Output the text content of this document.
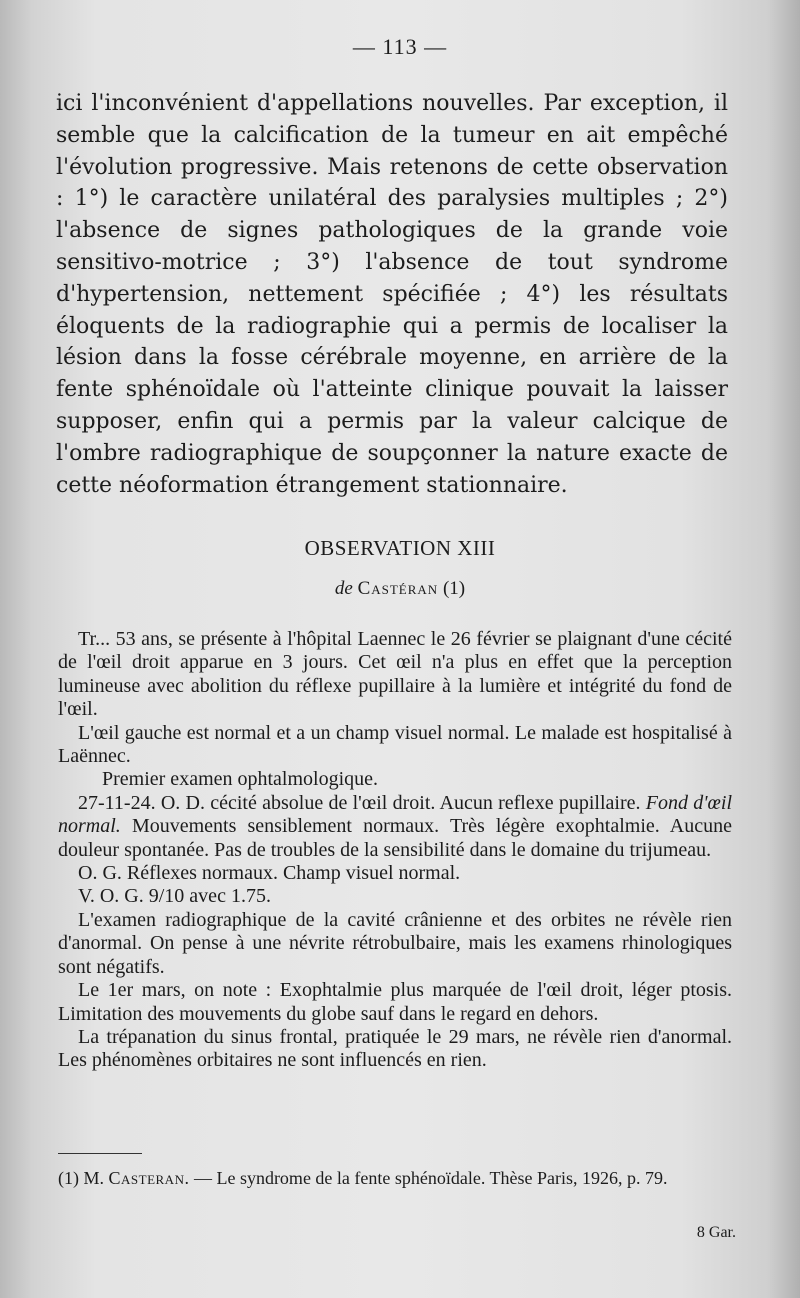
— 113 —

ici l'inconvénient d'appellations nouvelles. Par exception, il semble que la calcification de la tumeur en ait empêché l'évolution progressive. Mais retenons de cette observation : 1°) le caractère unilatéral des paralysies multiples ; 2°) l'absence de signes pathologiques de la grande voie sensitivo-motrice ; 3°) l'absence de tout syndrome d'hypertension, nettement spécifiée ; 4°) les résultats éloquents de la radiographie qui a permis de localiser la lésion dans la fosse cérébrale moyenne, en arrière de la fente sphénoïdale où l'atteinte clinique pouvait la laisser supposer, enfin qui a permis par la valeur calcique de l'ombre radiographique de soupçonner la nature exacte de cette néoformation étrangement stationnaire.

OBSERVATION XIII
de Castéran (1)

Tr... 53 ans, se présente à l'hôpital Laennec le 26 février se plaignant d'une cécité de l'œil droit apparue en 3 jours. Cet œil n'a plus en effet que la perception lumineuse avec abolition du réflexe pupillaire à la lumière et intégrité du fond de l'œil.

L'œil gauche est normal et a un champ visuel normal. Le malade est hospitalisé à Laënnec.

Premier examen ophtalmologique.

27-11-24. O. D. cécité absolue de l'œil droit. Aucun reflexe pupillaire. Fond d'œil normal. Mouvements sensiblement normaux. Très légère exophtalmie. Aucune douleur spontanée. Pas de troubles de la sensibilité dans le domaine du trijumeau.

O. G. Réflexes normaux. Champ visuel normal.

V. O. G. 9/10 avec 1.75.

L'examen radiographique de la cavité crânienne et des orbites ne révèle rien d'anormal. On pense à une névrite rétrobulbaire, mais les examens rhinologiques sont négatifs.

Le 1er mars, on note : Exophtalmie plus marquée de l'œil droit, léger ptosis. Limitation des mouvements du globe sauf dans le regard en dehors.

La trépanation du sinus frontal, pratiquée le 29 mars, ne révèle rien d'anormal. Les phénomènes orbitaires ne sont influencés en rien.

(1) M. Casteran. — Le syndrome de la fente sphénoïdale. Thèse Paris, 1926, p. 79.
8 Gar.
